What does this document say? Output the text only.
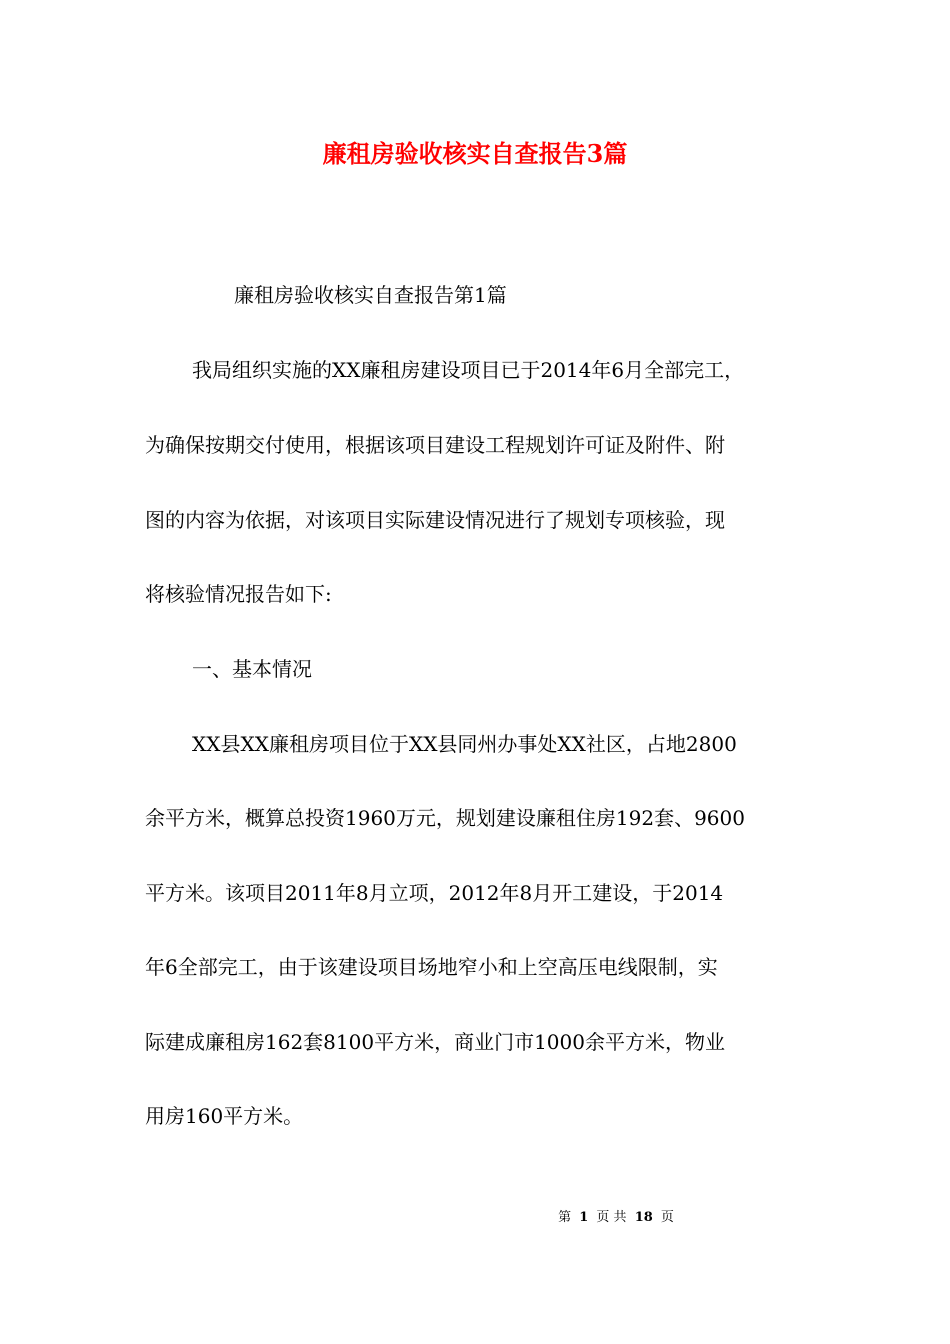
廉租房验收核实自查报告3篇
廉租房验收核实自查报告第1篇
我局组织实施的XX廉租房建设项目已于2014年6月全部完工，
为确保按期交付使用，根据该项目建设工程规划许可证及附件、附
图的内容为依据，对该项目实际建设情况进行了规划专项核验，现
将核验情况报告如下:
一、基本情况
XX县XX廉租房项目位于XX县同州办事处XX社区，占地2800
余平方米，概算总投资1960万元，规划建设廉租住房192套、9600
平方米。该项目2011年8月立项，2012年8月开工建设，于2014
年6全部完工，由于该建设项目场地窄小和上空高压电线限制，实
际建成廉租房162套8100平方米，商业门市1000余平方米，物业
用房160平方米。
第 1 页 共 18 页
